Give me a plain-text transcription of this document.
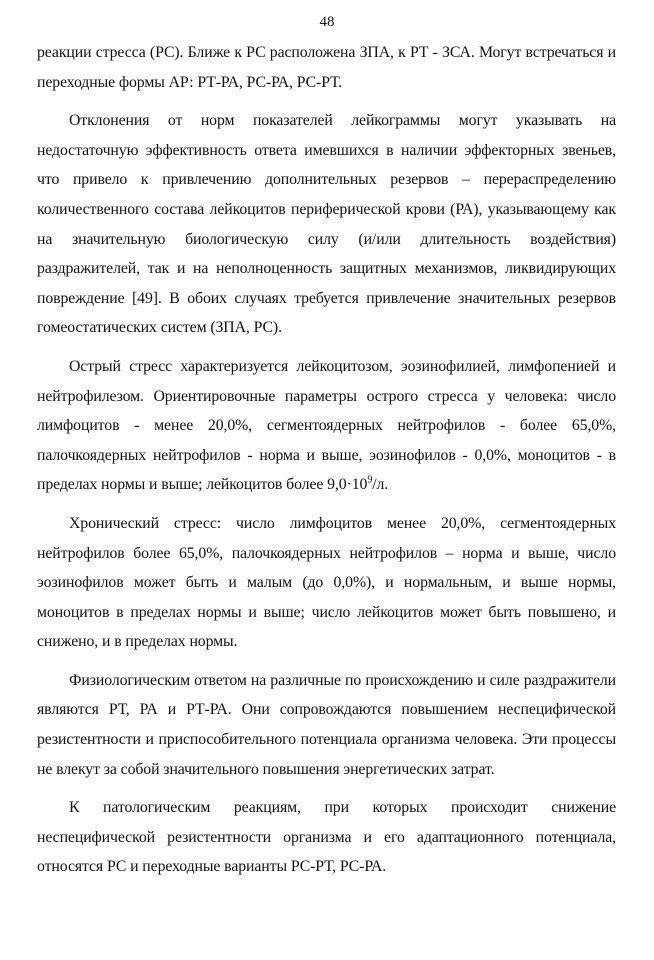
48

реакции стресса (РС). Ближе к РС расположена ЗПА, к РТ - ЗСА. Могут встречаться и переходные формы АР: РТ-РА, РС-РА, РС-РТ.

Отклонения от норм показателей лейкограммы могут указывать на недостаточную эффективность ответа имевшихся в наличии эффекторных звеньев, что привело к привлечению дополнительных резервов – перераспределению количественного состава лейкоцитов периферической крови (РА), указывающему как на значительную биологическую силу (и/или длительность воздействия) раздражителей, так и на неполноценность защитных механизмов, ликвидирующих повреждение [49]. В обоих случаях требуется привлечение значительных резервов гомеостатических систем (ЗПА, РС).

Острый стресс характеризуется лейкоцитозом, эозинофилией, лимфопенией и нейтрофилезом. Ориентировочные параметры острого стресса у человека: число лимфоцитов - менее 20,0%, сегментоядерных нейтрофилов - более 65,0%, палочкоядерных нейтрофилов - норма и выше, эозинофилов - 0,0%, моноцитов - в пределах нормы и выше; лейкоцитов более $9,0\cdot 10^9/л$.

Хронический стресс: число лимфоцитов менее 20,0%, сегментоядерных нейтрофилов более 65,0%, палочкоядерных нейтрофилов – норма и выше, число эозинофилов может быть и малым (до 0,0%), и нормальным, и выше нормы, моноцитов в пределах нормы и выше; число лейкоцитов может быть повышено, и снижено, и в пределах нормы.

Физиологическим ответом на различные по происхождению и силе раздражители являются РТ, РА и РТ-РА. Они сопровождаются повышением неспецифической резистентности и приспособительного потенциала организма человека. Эти процессы не влекут за собой значительного повышения энергетических затрат.

К патологическим реакциям, при которых происходит снижение неспецифической резистентности организма и его адаптационного потенциала, относятся РС и переходные варианты РС-РТ, РС-РА.
